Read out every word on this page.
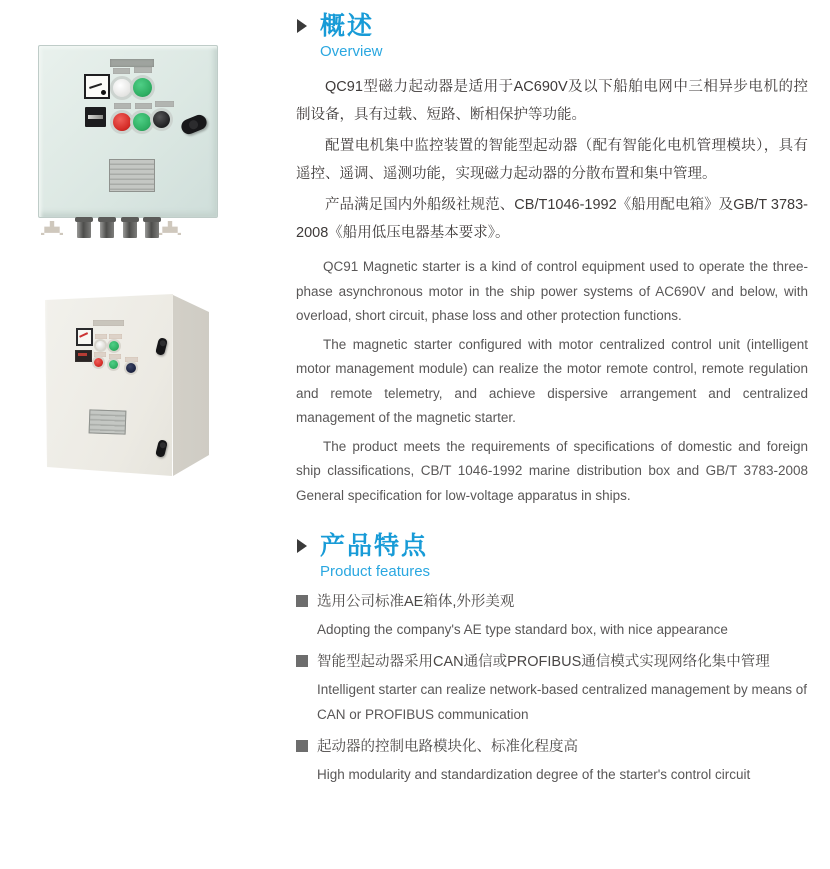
概述
Overview

QC91型磁力起动器是适用于AC690V及以下船舶电网中三相异步电机的控制设备，具有过载、短路、断相保护等功能。

配置电机集中监控装置的智能型起动器（配有智能化电机管理模块），具有遥控、遥调、遥测功能，实现磁力起动器的分散布置和集中管理。

产品满足国内外船级社规范、CB/T1046-1992《船用配电箱》及GB/T 3783-2008《船用低压电器基本要求》。

QC91 Magnetic starter is a kind of control equipment used to operate the three-phase asynchronous motor in the ship power systems of AC690V and below, with overload, short circuit, phase loss and other protection functions.

The magnetic starter configured with motor centralized control unit (intelligent motor management module) can realize the motor remote control, remote regulation and remote telemetry, and achieve dispersive arrangement and centralized management of the magnetic starter.

The product meets the requirements of specifications of domestic and foreign ship classifications, CB/T 1046-1992 marine distribution box and GB/T 3783-2008 General specification for low-voltage apparatus in ships.

产品特点
Product features
选用公司标准AE箱体,外形美观
Adopting the company's AE type standard box, with nice appearance
智能型起动器采用CAN通信或PROFIBUS通信模式实现网络化集中管理
Intelligent starter can realize network-based centralized management by means of CAN or PROFIBUS communication
起动器的控制电路模块化、标准化程度高
High modularity and standardization degree of the starter's control circuit
